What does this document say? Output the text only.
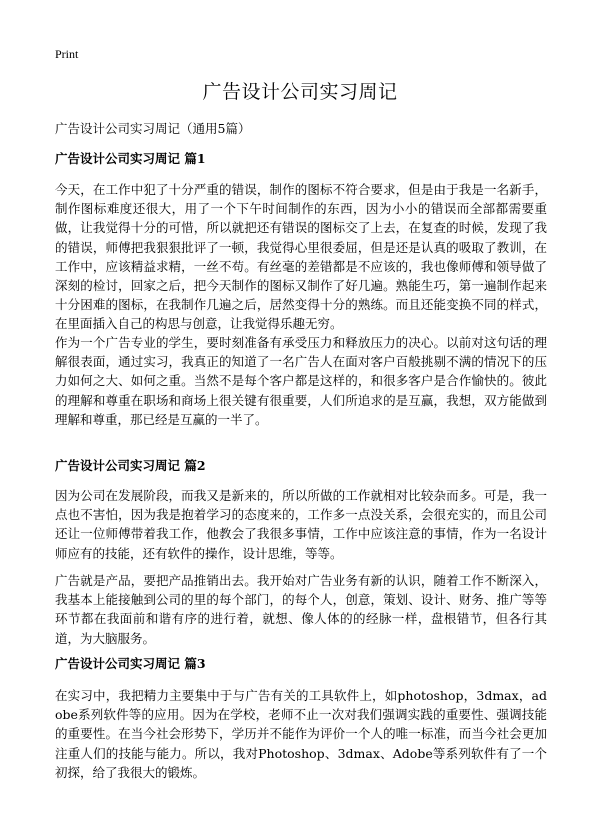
Print
广告设计公司实习周记

广告设计公司实习周记（通用5篇）

广告设计公司实习周记 篇1

今天，在工作中犯了十分严重的错误，制作的图标不符合要求，但是由于我是一名新手，制作图标难度还很大，用了一个下午时间制作的东西，因为小小的错误而全部都需要重做，让我觉得十分的可惜，所以就把还有错误的图标交了上去，在复查的时候，发现了我的错误，师傅把我狠狠批评了一顿，我觉得心里很委屈，但是还是认真的吸取了教训，在工作中，应该精益求精，一丝不苟。有丝毫的差错都是不应该的，我也像师傅和领导做了深刻的检讨，回家之后，把今天制作的图标又制作了好几遍。熟能生巧，第一遍制作起来十分困难的图标，在我制作几遍之后，居然变得十分的熟练。而且还能变换不同的样式，在里面插入自己的构思与创意，让我觉得乐趣无穷。

作为一个广告专业的学生，要时刻准备有承受压力和释放压力的决心。以前对这句话的理解很表面，通过实习，我真正的知道了一名广告人在面对客户百般挑剔不满的情况下的压力如何之大、如何之重。当然不是每个客户都是这样的，和很多客户是合作愉快的。彼此的理解和尊重在职场和商场上很关键有很重要，人们所追求的是互赢，我想，双方能做到理解和尊重，那已经是互赢的一半了。

广告设计公司实习周记 篇2

因为公司在发展阶段，而我又是新来的，所以所做的工作就相对比较杂而多。可是，我一点也不害怕，因为我是抱着学习的态度来的，工作多一点没关系，会很充实的，而且公司还让一位师傅带着我工作，他教会了我很多事情，工作中应该注意的事情，作为一名设计师应有的技能，还有软件的操作，设计思维，等等。

广告就是产品，要把产品推销出去。我开始对广告业务有新的认识，随着工作不断深入，我基本上能接触到公司的里的每个部门，的每个人，创意，策划、设计、财务、推广等等环节都在我面前和谐有序的进行着，就想、像人体的的经脉一样，盘根错节，但各行其道，为大脑服务。

广告设计公司实习周记 篇3

在实习中，我把精力主要集中于与广告有关的工具软件上，如photoshop，3dmax，adobe系列软件等的应用。因为在学校，老师不止一次对我们强调实践的重要性、强调技能的重要性。在当今社会形势下，学历并不能作为评价一个人的唯一标准，而当今社会更加注重人们的技能与能力。所以，我对Photoshop、3dmax、Adobe等系列软件有了一个初探，给了我很大的锻炼。
